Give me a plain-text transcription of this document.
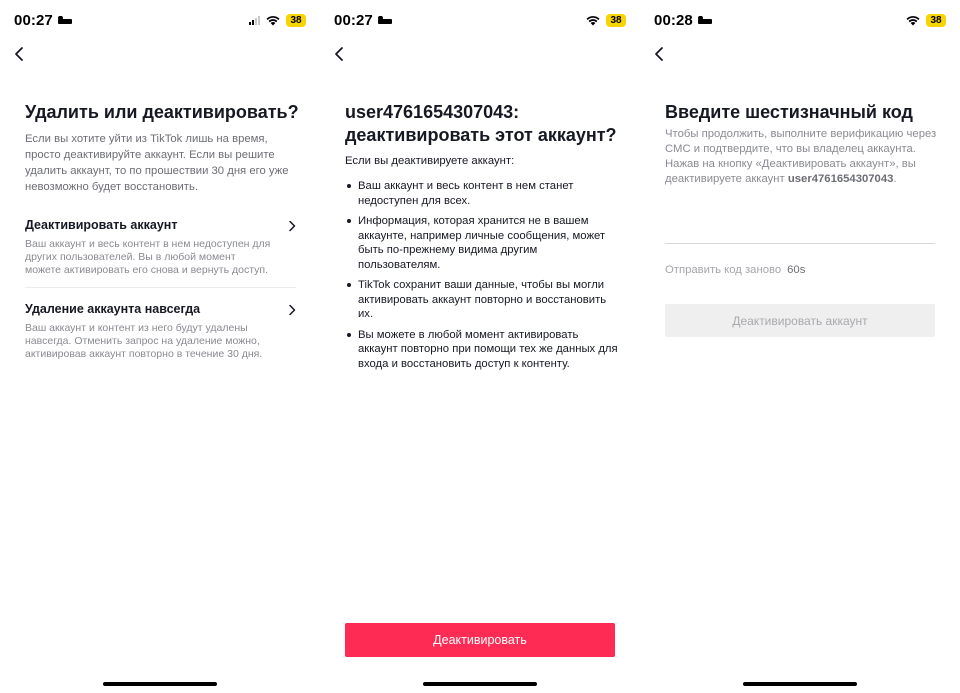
00:27	38
Удалить или деактивировать?
Если вы хотите уйти из TikTok лишь на время, просто деактивируйте аккаунт. Если вы решите удалить аккаунт, то по прошествии 30 дня его уже невозможно будет восстановить.
Деактивировать аккаунт
Ваш аккаунт и весь контент в нем недоступен для других пользователей. Вы в любой момент можете активировать его снова и вернуть доступ.
Удаление аккаунта навсегда
Ваш аккаунт и контент из него будут удалены навсегда. Отменить запрос на удаление можно, активировав аккаунт повторно в течение 30 дня.
00:27	38
user4761654307043: деактивировать этот аккаунт?
Если вы деактивируете аккаунт:
Ваш аккаунт и весь контент в нем станет недоступен для всех.
Информация, которая хранится не в вашем аккаунте, например личные сообщения, может быть по-прежнему видима другим пользователям.
TikTok сохранит ваши данные, чтобы вы могли активировать аккаунт повторно и восстановить их.
Вы можете в любой момент активировать аккаунт повторно при помощи тех же данных для входа и восстановить доступ к контенту.
Деактивировать
00:28	38
Введите шестизначный код
Чтобы продолжить, выполните верификацию через СМС и подтвердите, что вы владелец аккаунта. Нажав на кнопку «Деактивировать аккаунт», вы деактивируете аккаунт user4761654307043.
Отправить код заново 60s
Деактивировать аккаунт
